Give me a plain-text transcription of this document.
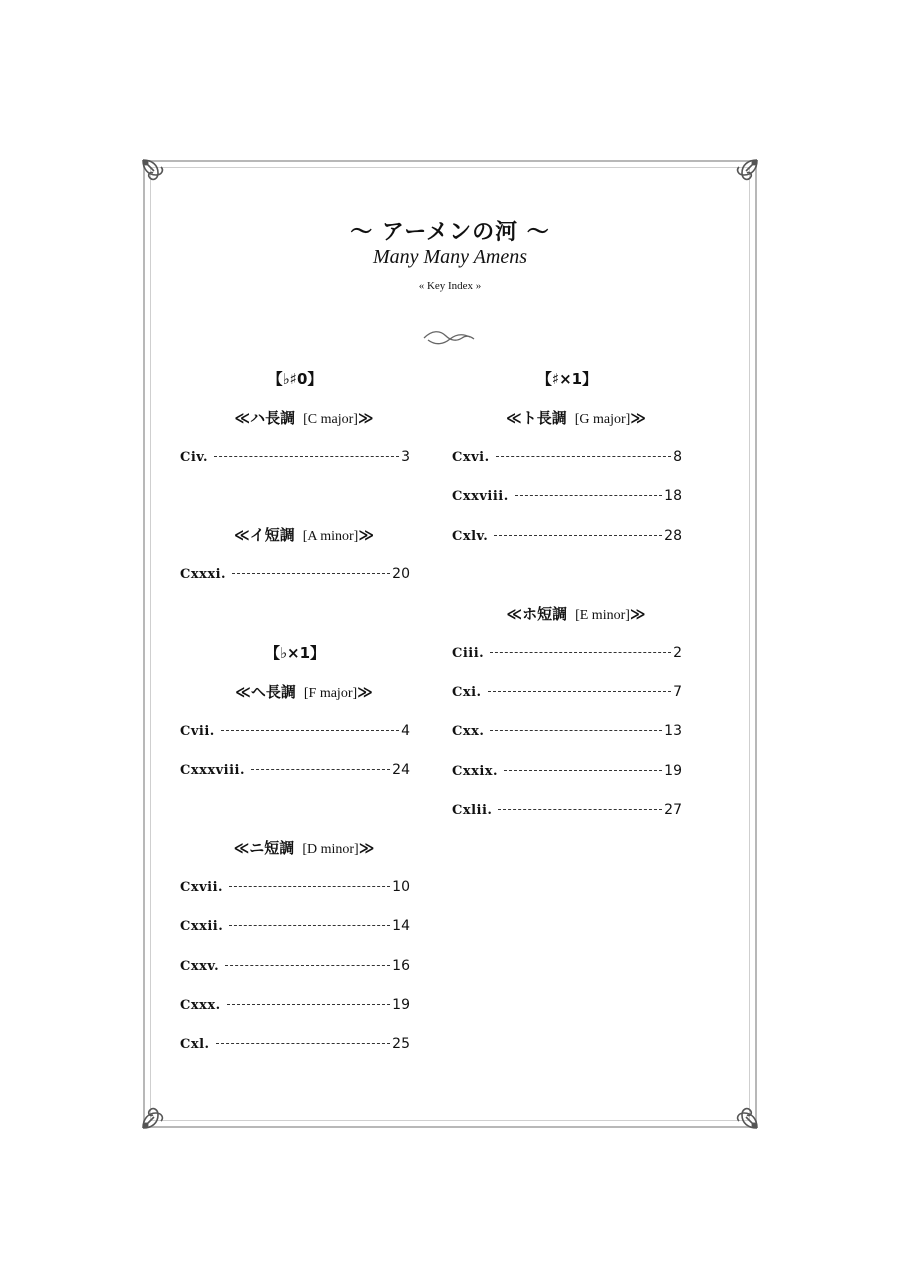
～ アーメンの河 ～
Many Many Amens
« Key Index »
【♭♯0】
≪ ハ長調 [C major] ≫
Civ.	3
≪ イ短調 [A minor] ≫
Cxxxi.	20
【♭×1】
≪ ヘ長調 [F major] ≫
Cvii.	4
Cxxxviii.	24
≪ ニ短調 [D minor] ≫
Cxvii.	10
Cxxii.	14
Cxxv.	16
Cxxx.	19
Cxl.	25
【♯×1】
≪ ト長調 [G major] ≫
Cxvi.	8
Cxxviii.	18
Cxlv.	28
≪ ホ短調 [E minor] ≫
Ciii.	2
Cxi.	7
Cxx.	13
Cxxix.	19
Cxlii.	27
